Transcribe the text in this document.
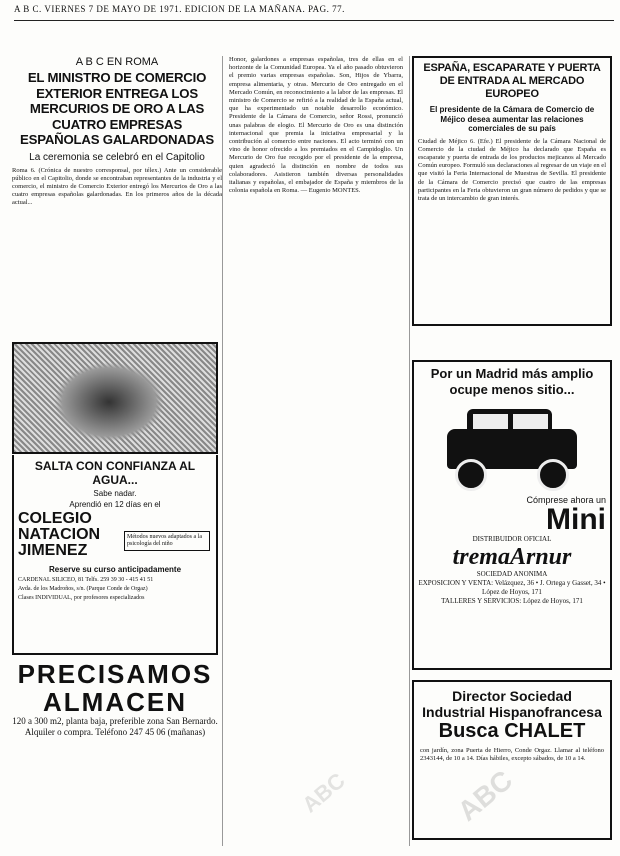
A B C. VIERNES 7 DE MAYO DE 1971. EDICION DE LA MAÑANA. PAG. 77.

A B C EN ROMA

EL MINISTRO DE COMERCIO EXTERIOR ENTREGA LOS MERCURIOS DE ORO A LAS CUATRO EMPRESAS ESPAÑOLAS GALARDONADAS

La ceremonia se celebró en el Capitolio

Roma 6. (Crónica de nuestro corresponsal, por télex.) Ante un considerable público en el Capitolio, donde se encontraban representantes de la industria y el comercio, el ministro de Comercio Exterior entregó los Mercurios de Oro a las cuatro empresas españolas galardonadas. En los primeros años de la década actual...

Honor, galardones a empresas españolas, tres de ellas en el horizonte de la Comunidad Europea. Ya el año pasado obtuvieron el premio varias empresas españolas. Son, Hijos de Ybarra, empresa alimentaria, y otras. Mercurio de Oro entregado en el Mercado Común, en reconocimiento a la labor de las empresas. El ministro de Comercio se refirió a la realidad de la España actual, que ha experimentado un notable desarrollo económico. Presidente de la Cámara de Comercio, señor Rossi, pronunció unas palabras de elogio. El Mercurio de Oro es una distinción internacional que premia la iniciativa empresarial y la contribución al comercio entre naciones. El acto terminó con un vino de honor ofrecido a los premiados en el Campidoglio. Un Mercurio de Oro fue recogido por el presidente de la empresa, quien agradeció la distinción en nombre de todos sus colaboradores. Asistieron también diversas personalidades italianas y españolas, el embajador de España y miembros de la colonia española en Roma. — Eugenio MONTES.

ESPAÑA, ESCAPARATE Y PUERTA DE ENTRADA AL MERCADO EUROPEO

El presidente de la Cámara de Comercio de Méjico desea aumentar las relaciones comerciales de su país

Ciudad de Méjico 6. (Efe.) El presidente de la Cámara Nacional de Comercio de la ciudad de Méjico ha declarado que España es escaparate y puerta de entrada de los productos mejicanos al Mercado Común europeo. Formuló sus declaraciones al regresar de un viaje en el que visitó la Feria Internacional de Muestras de Sevilla. El presidente de la Cámara de Comercio precisó que cuatro de las empresas participantes en la Feria obtuvieron un gran número de pedidos y que se trata de un intercambio de gran interés.

SALTA CON CONFIANZA AL AGUA...
Sabe nadar.
Aprendió en 12 días en el
COLEGIO NATACION JIMENEZ
Métodos nuevos adaptados a la psicología del niño
Reserve su curso anticipadamente
CARDENAL SILICEO, 81 Telfs. 259 39 30 - 415 41 51
Avda. de los Madroños, s/n. (Parque Conde de Orgaz)
Clases INDIVIDUAL, por profesores especializados
PRECISAMOS ALMACEN
120 a 300 m2, planta baja, preferible zona San Bernardo. Alquiler o compra. Teléfono 247 45 06 (mañanas)
Por un Madrid más amplio ocupe menos sitio...
Cómprese ahora un
Mini
DISTRIBUIDOR OFICIAL
tremaArnur
SOCIEDAD ANONIMA
EXPOSICION Y VENTA: Velázquez, 36 • J. Ortega y Gasset, 34 • López de Hoyos, 171
TALLERES Y SERVICIOS: López de Hoyos, 171
Director Sociedad
Industrial Hispanofrancesa
Busca CHALET
con jardín, zona Puerta de Hierro, Conde Orgaz. Llamar al teléfono 2343144, de 10 a 14. Días hábiles, excepto sábados, de 10 a 14.
ABC
ABC
